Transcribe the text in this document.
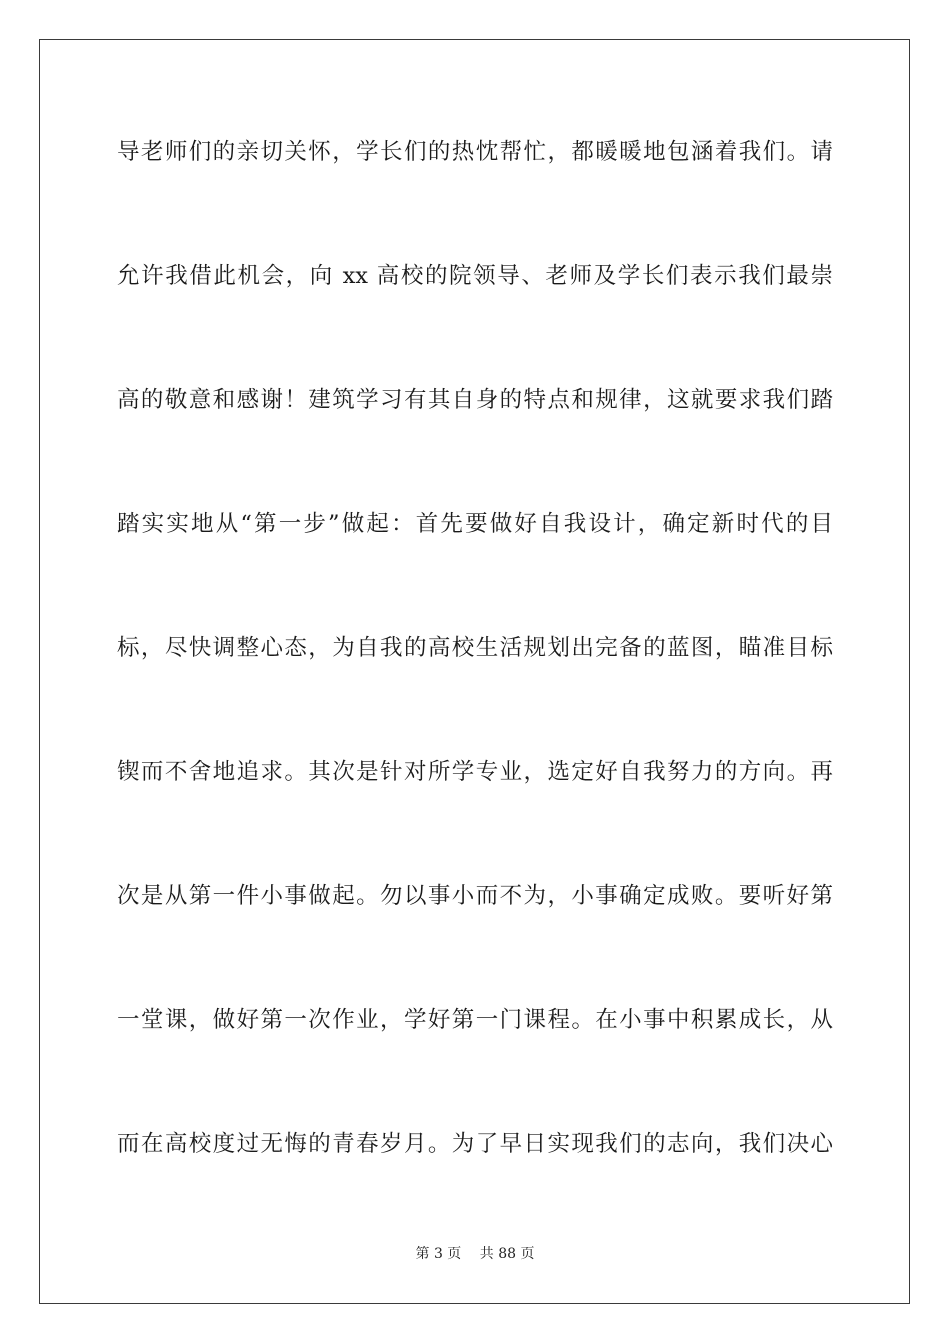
导老师们的亲切关怀，学长们的热忱帮忙，都暖暖地包涵着我们。请
允许我借此机会，向 xx 高校的院领导、老师及学长们表示我们最崇
高的敬意和感谢！建筑学习有其自身的特点和规律，这就要求我们踏
踏实实地从“第一步”做起：首先要做好自我设计，确定新时代的目
标，尽快调整心态，为自我的高校生活规划出完备的蓝图，瞄准目标
锲而不舍地追求。其次是针对所学专业，选定好自我努力的方向。再
次是从第一件小事做起。勿以事小而不为，小事确定成败。要听好第
一堂课，做好第一次作业，学好第一门课程。在小事中积累成长，从
而在高校度过无悔的青春岁月。为了早日实现我们的志向，我们决心
第 3 页 共 88 页
